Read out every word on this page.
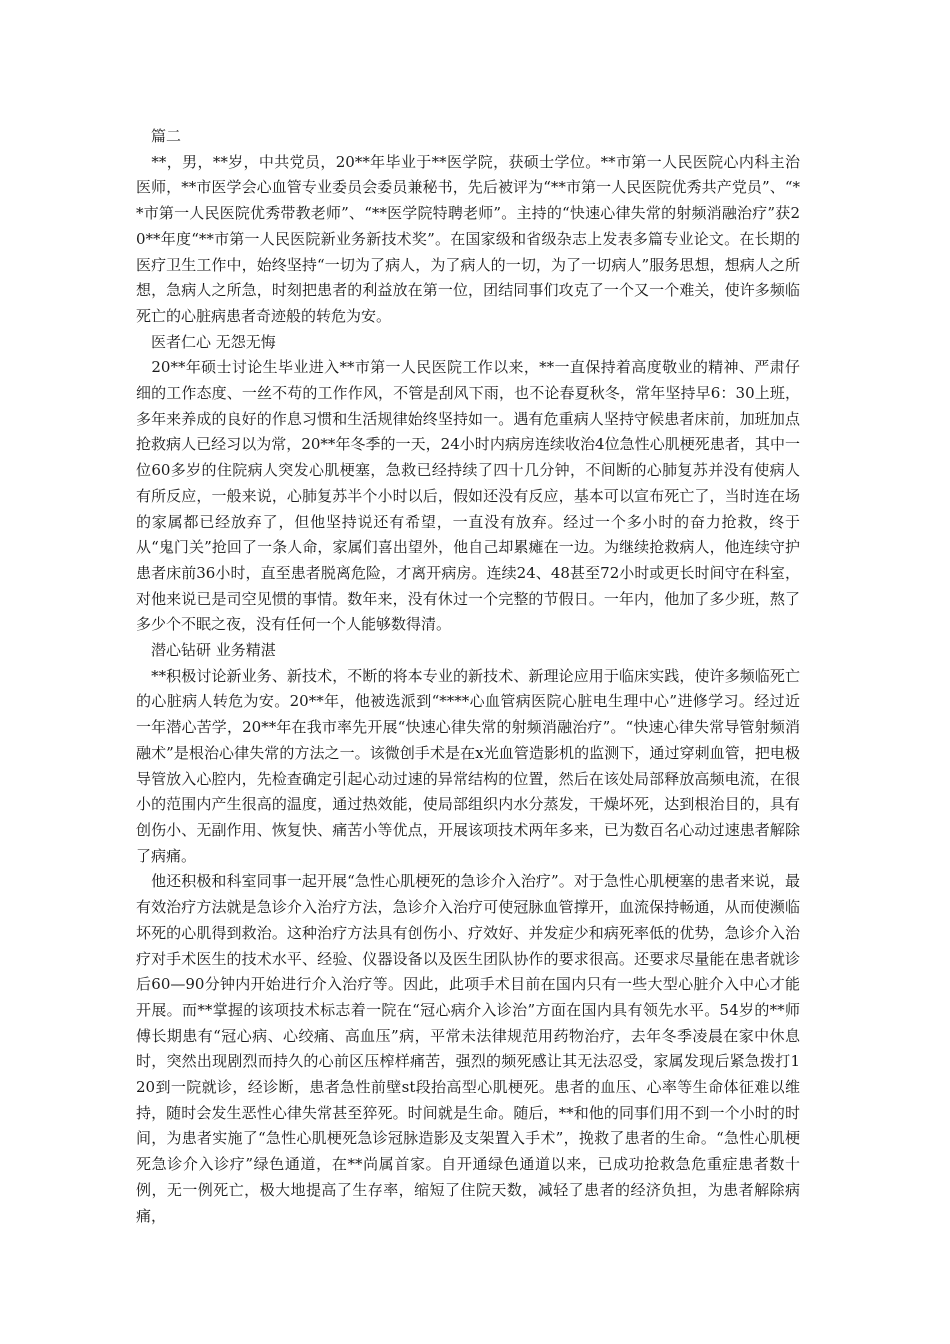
　篇二

　**，男，**岁，中共党员，20**年毕业于**医学院，获硕士学位。**市第一人民医院心内科主治医师，**市医学会心血管专业委员会委员兼秘书，先后被评为“**市第一人民医院优秀共产党员”、“**市第一人民医院优秀带教老师”、“**医学院特聘老师”。主持的“快速心律失常的射频消融治疗”获20**年度“**市第一人民医院新业务新技术奖”。在国家级和省级杂志上发表多篇专业论文。在长期的医疗卫生工作中，始终坚持“一切为了病人，为了病人的一切，为了一切病人”服务思想，想病人之所想，急病人之所急，时刻把患者的利益放在第一位，团结同事们攻克了一个又一个难关，使许多频临死亡的心脏病患者奇迹般的转危为安。

　医者仁心 无怨无悔

　20**年硕士讨论生毕业进入**市第一人民医院工作以来，**一直保持着高度敬业的精神、严肃仔细的工作态度、一丝不苟的工作作风，不管是刮风下雨，也不论春夏秋冬，常年坚持早6：30上班，多年来养成的良好的作息习惯和生活规律始终坚持如一。遇有危重病人坚持守候患者床前，加班加点抢救病人已经习以为常，20**年冬季的一天，24小时内病房连续收治4位急性心肌梗死患者，其中一位60多岁的住院病人突发心肌梗塞，急救已经持续了四十几分钟，不间断的心肺复苏并没有使病人有所反应，一般来说，心肺复苏半个小时以后，假如还没有反应，基本可以宣布死亡了，当时连在场的家属都已经放弃了，但他坚持说还有希望，一直没有放弃。经过一个多小时的奋力抢救，终于从“鬼门关”抢回了一条人命，家属们喜出望外，他自己却累瘫在一边。为继续抢救病人，他连续守护患者床前36小时，直至患者脱离危险，才离开病房。连续24、48甚至72小时或更长时间守在科室，对他来说已是司空见惯的事情。数年来，没有休过一个完整的节假日。一年内，他加了多少班，熬了多少个不眠之夜，没有任何一个人能够数得清。

　潜心钻研 业务精湛

　**积极讨论新业务、新技术，不断的将本专业的新技术、新理论应用于临床实践，使许多频临死亡的心脏病人转危为安。20**年，他被选派到“****心血管病医院心脏电生理中心”进修学习。经过近一年潜心苦学，20**年在我市率先开展“快速心律失常的射频消融治疗”。“快速心律失常导管射频消融术”是根治心律失常的方法之一。该微创手术是在x光血管造影机的监测下，通过穿刺血管，把电极导管放入心腔内，先检查确定引起心动过速的异常结构的位置，然后在该处局部释放高频电流，在很小的范围内产生很高的温度，通过热效能，使局部组织内水分蒸发，干燥坏死，达到根治目的，具有创伤小、无副作用、恢复快、痛苦小等优点，开展该项技术两年多来，已为数百名心动过速患者解除了病痛。

　他还积极和科室同事一起开展“急性心肌梗死的急诊介入治疗”。对于急性心肌梗塞的患者来说，最有效治疗方法就是急诊介入治疗方法，急诊介入治疗可使冠脉血管撑开，血流保持畅通，从而使濒临坏死的心肌得到救治。这种治疗方法具有创伤小、疗效好、并发症少和病死率低的优势，急诊介入治疗对手术医生的技术水平、经验、仪器设备以及医生团队协作的要求很高。还要求尽量能在患者就诊后60—90分钟内开始进行介入治疗等。因此，此项手术目前在国内只有一些大型心脏介入中心才能开展。而**掌握的该项技术标志着一院在“冠心病介入诊治”方面在国内具有领先水平。54岁的**师傅长期患有“冠心病、心绞痛、高血压”病，平常未法律规范用药物治疗，去年冬季凌晨在家中休息时，突然出现剧烈而持久的心前区压榨样痛苦，强烈的频死感让其无法忍受，家属发现后紧急拨打120到一院就诊，经诊断，患者急性前壁st段抬高型心肌梗死。患者的血压、心率等生命体征难以维持，随时会发生恶性心律失常甚至猝死。时间就是生命。随后，**和他的同事们用不到一个小时的时间，为患者实施了“急性心肌梗死急诊冠脉造影及支架置入手术”，挽救了患者的生命。“急性心肌梗死急诊介入诊疗”绿色通道，在**尚属首家。自开通绿色通道以来，已成功抢救急危重症患者数十例，无一例死亡，极大地提高了生存率，缩短了住院天数，减轻了患者的经济负担，为患者解除病痛，
